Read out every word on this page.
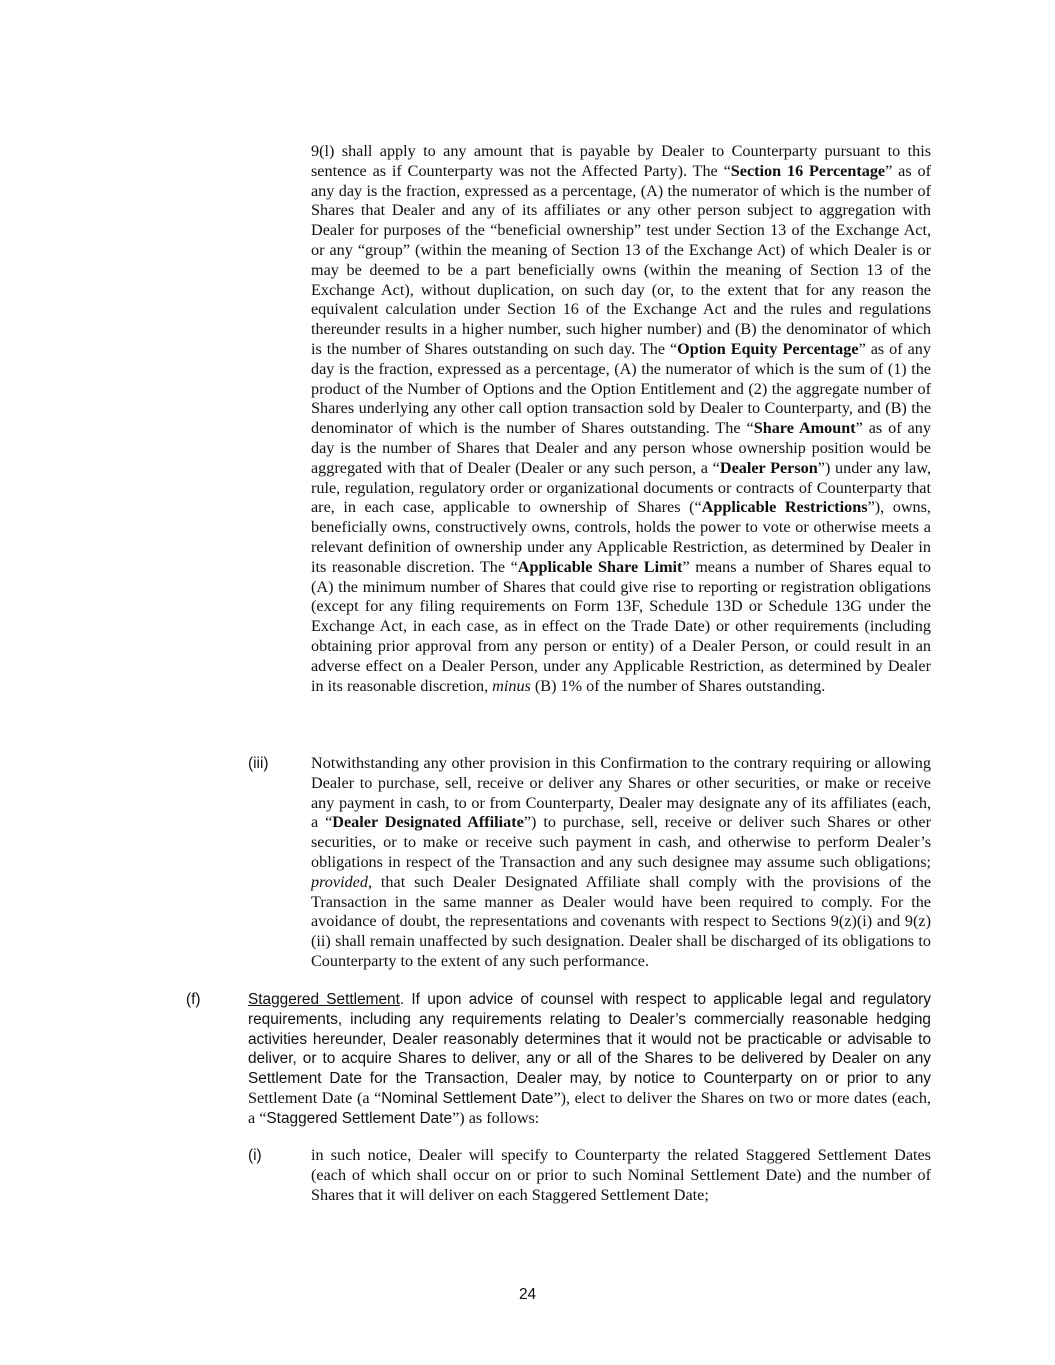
9(l) shall apply to any amount that is payable by Dealer to Counterparty pursuant to this sentence as if Counterparty was not the Affected Party). The “Section 16 Percentage” as of any day is the fraction, expressed as a percentage, (A) the numerator of which is the number of Shares that Dealer and any of its affiliates or any other person subject to aggregation with Dealer for purposes of the “beneficial ownership” test under Section 13 of the Exchange Act, or any “group” (within the meaning of Section 13 of the Exchange Act) of which Dealer is or may be deemed to be a part beneficially owns (within the meaning of Section 13 of the Exchange Act), without duplication, on such day (or, to the extent that for any reason the equivalent calculation under Section 16 of the Exchange Act and the rules and regulations thereunder results in a higher number, such higher number) and (B) the denominator of which is the number of Shares outstanding on such day. The “Option Equity Percentage” as of any day is the fraction, expressed as a percentage, (A) the numerator of which is the sum of (1) the product of the Number of Options and the Option Entitlement and (2) the aggregate number of Shares underlying any other call option transaction sold by Dealer to Counterparty, and (B) the denominator of which is the number of Shares outstanding. The “Share Amount” as of any day is the number of Shares that Dealer and any person whose ownership position would be aggregated with that of Dealer (Dealer or any such person, a “Dealer Person”) under any law, rule, regulation, regulatory order or organizational documents or contracts of Counterparty that are, in each case, applicable to ownership of Shares (“Applicable Restrictions”), owns, beneficially owns, constructively owns, controls, holds the power to vote or otherwise meets a relevant definition of ownership under any Applicable Restriction, as determined by Dealer in its reasonable discretion. The “Applicable Share Limit” means a number of Shares equal to (A) the minimum number of Shares that could give rise to reporting or registration obligations (except for any filing requirements on Form 13F, Schedule 13D or Schedule 13G under the Exchange Act, in each case, as in effect on the Trade Date) or other requirements (including obtaining prior approval from any person or entity) of a Dealer Person, or could result in an adverse effect on a Dealer Person, under any Applicable Restriction, as determined by Dealer in its reasonable discretion, minus (B) 1% of the number of Shares outstanding.

(iii)	Notwithstanding any other provision in this Confirmation to the contrary requiring or allowing Dealer to purchase, sell, receive or deliver any Shares or other securities, or make or receive any payment in cash, to or from Counterparty, Dealer may designate any of its affiliates (each, a “Dealer Designated Affiliate”) to purchase, sell, receive or deliver such Shares or other securities, or to make or receive such payment in cash, and otherwise to perform Dealer’s obligations in respect of the Transaction and any such designee may assume such obligations; provided, that such Dealer Designated Affiliate shall comply with the provisions of the Transaction in the same manner as Dealer would have been required to comply. For the avoidance of doubt, the representations and covenants with respect to Sections 9(z)(i) and 9(z)(ii) shall remain unaffected by such designation. Dealer shall be discharged of its obligations to Counterparty to the extent of any such performance.

(f)	Staggered Settlement. If upon advice of counsel with respect to applicable legal and regulatory requirements, including any requirements relating to Dealer’s commercially reasonable hedging activities hereunder, Dealer reasonably determines that it would not be practicable or advisable to deliver, or to acquire Shares to deliver, any or all of the Shares to be delivered by Dealer on any Settlement Date for the Transaction, Dealer may, by notice to Counterparty on or prior to any Settlement Date (a “Nominal Settlement Date”), elect to deliver the Shares on two or more dates (each, a “Staggered Settlement Date”) as follows:

(i)	in such notice, Dealer will specify to Counterparty the related Staggered Settlement Dates (each of which shall occur on or prior to such Nominal Settlement Date) and the number of Shares that it will deliver on each Staggered Settlement Date;

24
